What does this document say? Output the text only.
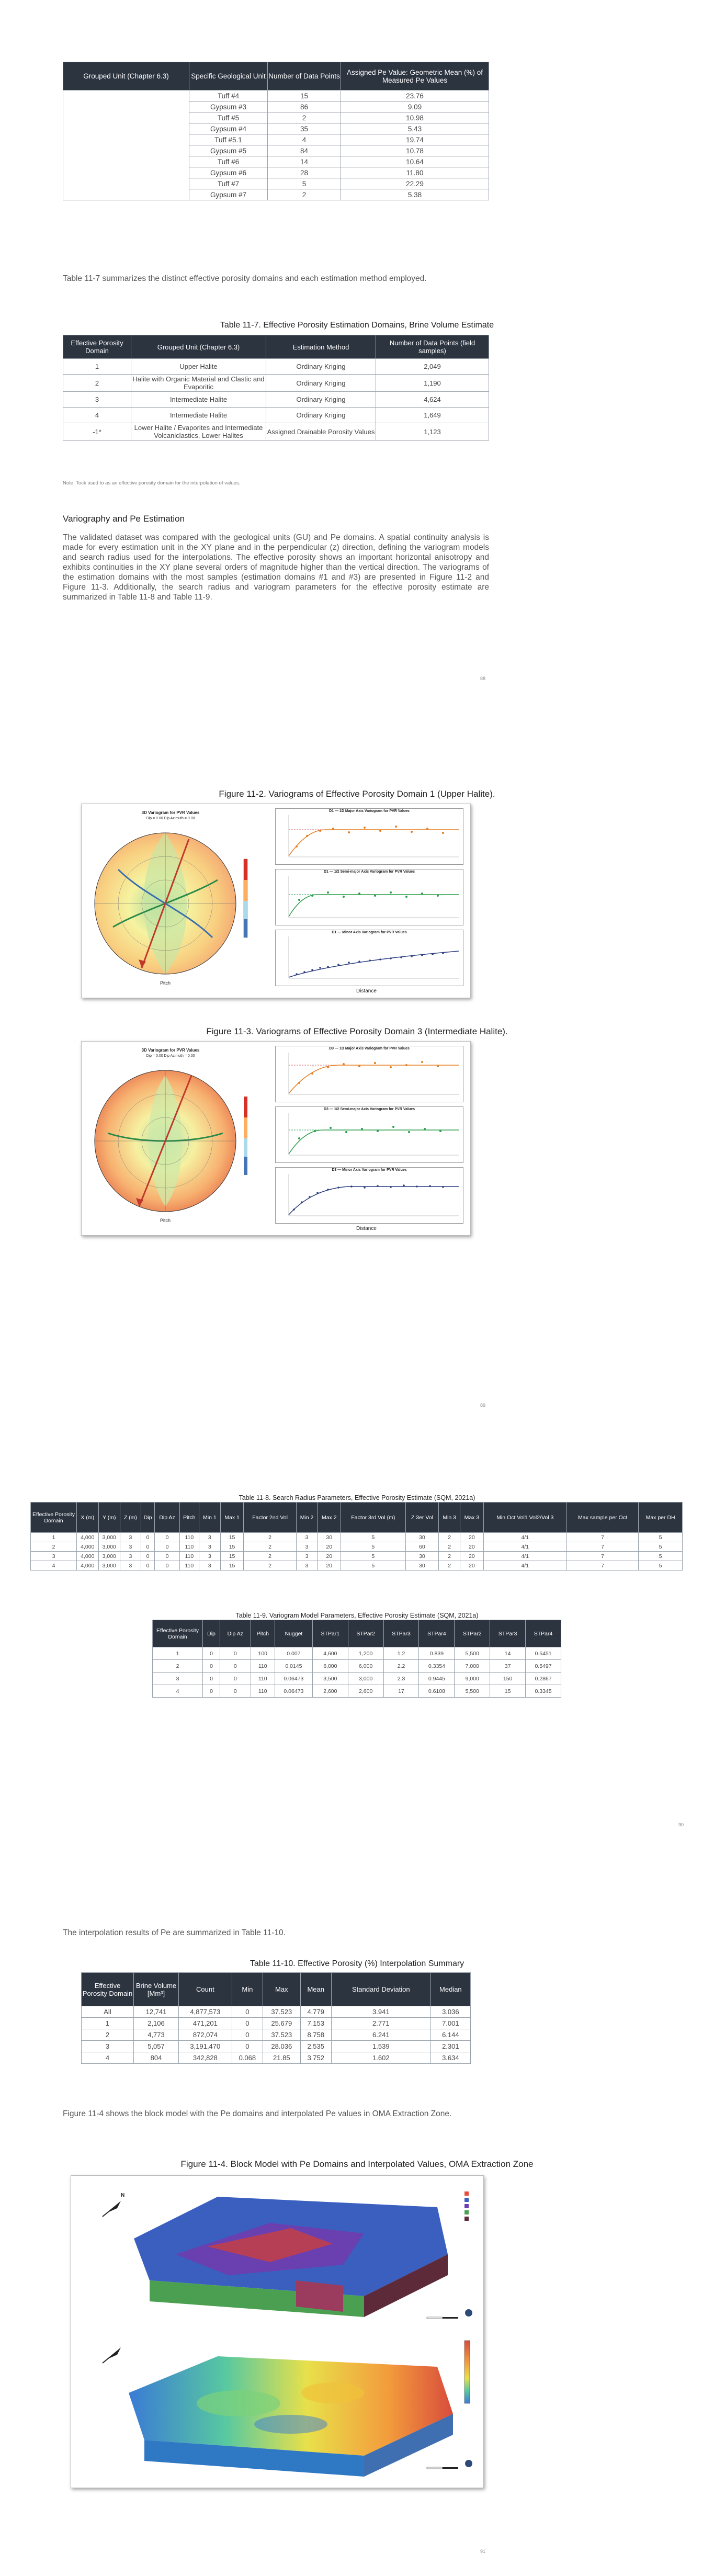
Grouped Unit (Chapter 6.3)	Specific Geological Unit	Number of Data Points	Assigned Pe Value: Geometric Mean (%) of Measured Pe Values
	Tuff #4	15	23.76
	Gypsum #3	86	9.09
	Tuff #5	2	10.98
	Gypsum #4	35	5.43
	Tuff #5.1	4	19.74
	Gypsum #5	84	10.78
	Tuff #6	14	10.64
	Gypsum #6	28	11.80
	Tuff #7	5	22.29
	Gypsum #7	2	5.38
Table 11-7 summarizes the distinct effective porosity domains and each estimation method employed.
Table 11-7. Effective Porosity Estimation Domains, Brine Volume Estimate
Effective Porosity Domain	Grouped Unit (Chapter 6.3)	Estimation Method	Number of Data Points (field samples)
1	Upper Halite	Ordinary Kriging	2,049
2	Halite with Organic Material and Clastic and Evaporitic	Ordinary Kriging	1,190
3	Intermediate Halite	Ordinary Kriging	4,624
4	Intermediate Halite	Ordinary Kriging	1,649
-1*	Lower Halite / Evaporites and Intermediate Volcaniclastics, Lower Halites	Assigned Drainable Porosity Values	1,123
Note: Tock used to as an effective porosity domain for the interpolation of values.
Variography and Pe Estimation
The validated dataset was compared with the geological units (GU) and Pe domains. A spatial continuity analysis is made for every estimation unit in the XY plane and in the perpendicular (z) direction, defining the variogram models and search radius used for the interpolations. The effective porosity shows an important horizontal anisotropy and exhibits continuities in the XY plane several orders of magnitude higher than the vertical direction. The variograms of the estimation domains with the most samples (estimation domains #1 and #3) are presented in Figure 11-2 and Figure 11-3. Additionally, the search radius and variogram parameters for the effective porosity estimate are summarized in Table 11-8 and Table 11-9.
88
Figure 11-2. Variograms of Effective Porosity Domain 1 (Upper Halite).
3D Variogram for PVR Values
Dip = 0.00 Dip Azimuth = 0.00
Pitch
D1 — 1D Major Axis Variogram for PVR Values
D1 — 1/2 Semi-major Axis Variogram for PVR Values
D1 — Minor Axis Variogram for PVR Values
Distance
Figure 11-3. Variograms of Effective Porosity Domain 3 (Intermediate Halite).
3D Variogram for PVR Values
Dip = 0.00 Dip Azimuth = 0.00
Pitch
D3 — 1D Major Axis Variogram for PVR Values
D3 — 1/2 Semi-major Axis Variogram for PVR Values
D3 — Minor Axis Variogram for PVR Values
Distance
89
Table 11-8. Search Radius Parameters, Effective Porosity Estimate (SQM, 2021a)
Effective Porosity Domain	X (m)	Y (m)	Z (m)	Dip	Dip Az	Pitch	Min 1	Max 1	Factor 2nd Vol	Min 2	Max 2	Factor 3rd Vol (m)	Z 3er Vol	Min 3	Max 3	Min Oct Vol1 Vol2/Vol 3	Max sample per Oct	Max per DH
1	4,000	3,000	3	0	0	110	3	15	2	3	30	5	30	2	20	4/1	7	5
2	4,000	3,000	3	0	0	110	3	15	2	3	20	5	60	2	20	4/1	7	5
3	4,000	3,000	3	0	0	110	3	15	2	3	20	5	30	2	20	4/1	7	5
4	4,000	3,000	3	0	0	110	3	15	2	3	20	5	30	2	20	4/1	7	5
Table 11-9. Variogram Model Parameters, Effective Porosity Estimate (SQM, 2021a)
Effective Porosity Domain	Dip	Dip Az	Pitch	Nugget	STPar1	STPar2	STPar3	STPar4	STPar2	STPar3	STPar4
1	0	0	100	0.007	4,600	1,200	1.2	0.839	5,500	14	0.5451
2	0	0	110	0.0145	6,000	6,000	2.2	0.3354	7,000	37	0.5497
3	0	0	110	0.06473	3,500	3,000	2.3	0.9445	9,000	150	0.2867
4	0	0	110	0.06473	2,600	2,600	17	0.6108	5,500	15	0.3345
90
The interpolation results of Pe are summarized in Table 11-10.
Table 11-10. Effective Porosity (%) Interpolation Summary
Effective Porosity Domain	Brine Volume [Mm³]	Count	Min	Max	Mean	Standard Deviation	Median
All	12,741	4,877,573	0	37.523	4.779	3.941	3.036
1	2,106	471,201	0	25.679	7.153	2.771	7.001
2	4,773	872,074	0	37.523	8.758	6.241	6.144
3	5,057	3,191,470	0	28.036	2.535	1.539	2.301
4	804	342,828	0.068	21.85	3.752	1.602	3.634
Figure 11-4 shows the block model with the Pe domains and interpolated Pe values in OMA Extraction Zone.
Figure 11-4. Block Model with Pe Domains and Interpolated Values, OMA Extraction Zone
N
91
